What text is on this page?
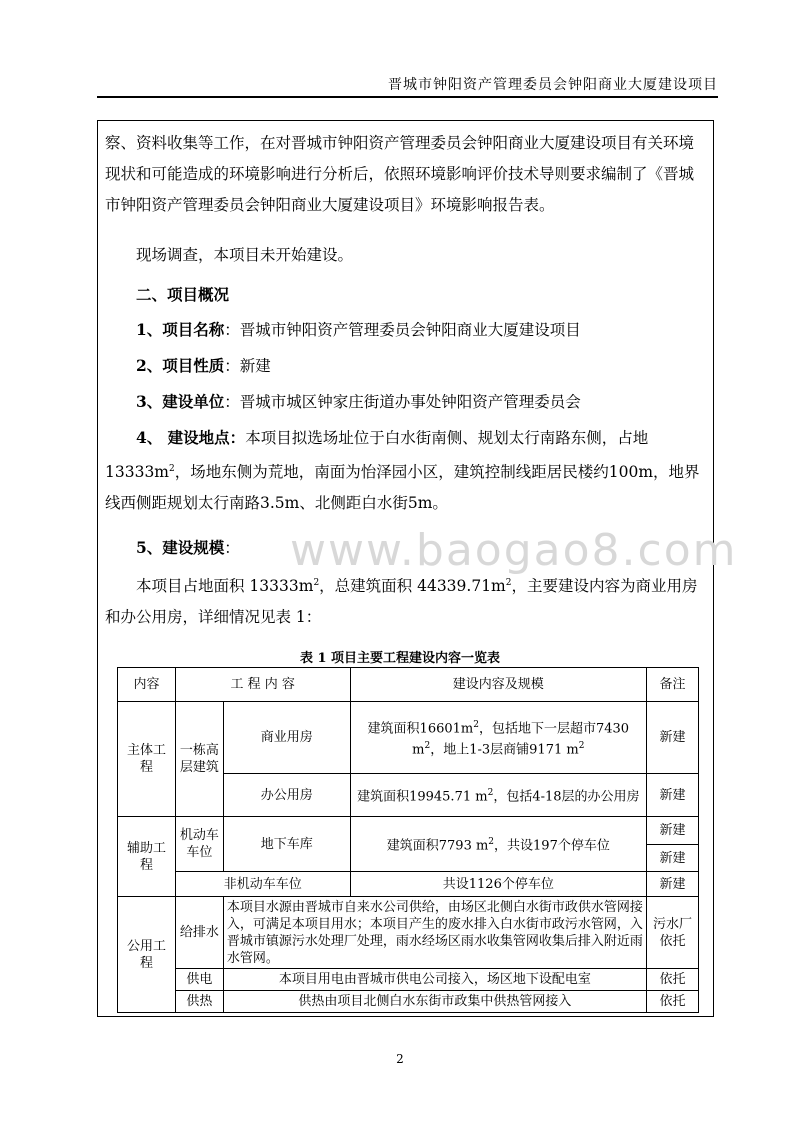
晋城市钟阳资产管理委员会钟阳商业大厦建设项目
察、资料收集等工作，在对晋城市钟阳资产管理委员会钟阳商业大厦建设项目有关环境现状和可能造成的环境影响进行分析后，依照环境影响评价技术导则要求编制了《晋城市钟阳资产管理委员会钟阳商业大厦建设项目》环境影响报告表。
现场调查，本项目未开始建设。
二、项目概况
1、项目名称：晋城市钟阳资产管理委员会钟阳商业大厦建设项目
2、项目性质：新建
3、建设单位：晋城市城区钟家庄街道办事处钟阳资产管理委员会
4、 建设地点：本项目拟选场址位于白水街南侧、规划太行南路东侧，占地$13333m^2$，场地东侧为荒地，南面为怡泽园小区，建筑控制线距居民楼约100m，地界线西侧距规划太行南路3.5m、北侧距白水街5m。
www.baogao8.com
5、建设规模：
本项目占地面积 $13333m^2$，总建筑面积 $44339.71m^2$，主要建设内容为商业用房和办公用房，详细情况见表 1：
表 1 项目主要工程建设内容一览表
内容	工 程 内 容		建设内容及规模	备注
主体工程	一栋高层建筑	商业用房	建筑面积$16601m^2$，包括地下一层超市7430 $m^2$，地上1-3层商铺9171 $m^2$	新建
		办公用房	建筑面积19945.71 $m^2$，包括4-18层的办公用房	新建
辅助工程	机动车车位	地下车库	建筑面积7793 $m^2$，共设197个停车位	新建
				新建
	非机动车车位		共设1126个停车位	新建
公用工程	给排水	本项目水源由晋城市自来水公司供给，由场区北侧白水街市政供水管网接入，可满足本项目用水；本项目产生的废水排入白水街市政污水管网，入晋城市镇源污水处理厂处理，雨水经场区雨水收集管网收集后排入附近雨水管网。		污水厂依托
	供电	本项目用电由晋城市供电公司接入，场区地下设配电室		依托
	供热	供热由项目北侧白水东街市政集中供热管网接入		依托
2
